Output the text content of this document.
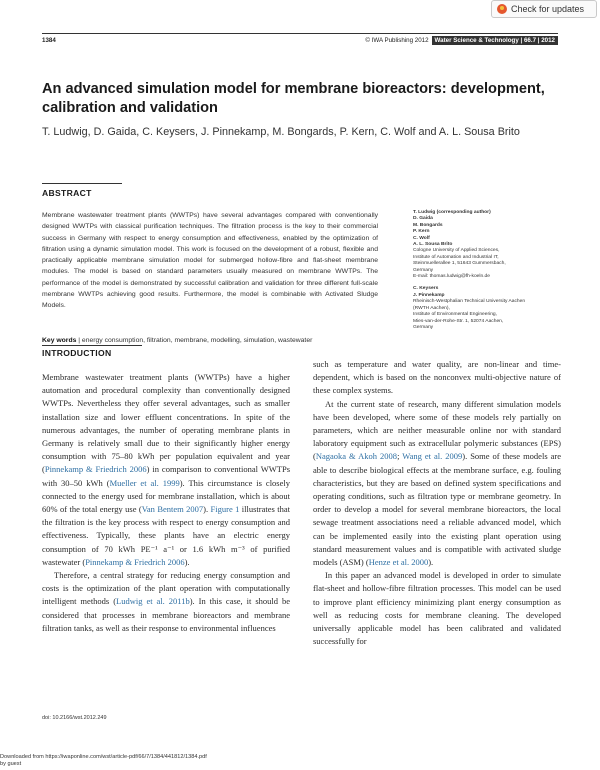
Check for updates
1384	© IWA Publishing 2012 Water Science & Technology | 66.7 | 2012
An advanced simulation model for membrane bioreactors: development, calibration and validation
T. Ludwig, D. Gaida, C. Keysers, J. Pinnekamp, M. Bongards, P. Kern, C. Wolf and A. L. Sousa Brito
ABSTRACT
Membrane wastewater treatment plants (WWTPs) have several advantages compared with conventionally designed WWTPs with classical purification techniques. The filtration process is the key to their commercial success in Germany with respect to energy consumption and effectiveness, enabled by the optimization of filtration using a dynamic simulation model. This work is focused on the development of a robust, flexible and practically applicable membrane simulation model for submerged hollow-fibre and flat-sheet membrane modules. The model is based on standard parameters usually measured on membrane WWTPs. The performance of the model is demonstrated by successful calibration and validation for three different full-scale membrane WWTPs achieving good results. Furthermore, the model is combinable with Activated Sludge Models.
Key words | energy consumption, filtration, membrane, modelling, simulation, wastewater
T. Ludwig (corresponding author)
D. Gaida
M. Bongards
P. Kern
C. Wolf
A. L. Sousa Brito
Cologne University of Applied Sciences,
Institute of Automation and Industrial IT,
Steinmuellerallee 1, 51643 Gummersbach,
Germany
E-mail: thomas.ludwig@fh-koeln.de
C. Keysers
J. Pinnekamp
Rheinisch-Westphalian Technical University Aachen
(RWTH Aachen),
Institute of Environmental Engineering,
Mies-van-der-Rohe-Str. 1, 52074 Aachen,
Germany
INTRODUCTION

Membrane wastewater treatment plants (WWTPs) have a higher automation and procedural complexity than conventionally designed WWTPs. Nevertheless they offer several advantages, such as smaller installation size and lower effluent concentrations. In spite of the numerous advantages, the number of operating membrane plants in Germany is relatively small due to their significantly higher energy consumption with 75–80 kWh per population equivalent and year (Pinnekamp & Friedrich 2006) in comparison to conventional WWTPs with 30–50 kWh (Mueller et al. 1999). This circumstance is closely connected to the energy used for membrane installation, which is about 60% of the total energy use (Van Bentem 2007). Figure 1 illustrates that the filtration is the key process with respect to energy consumption and effectiveness. Typically, these plants have an electric energy consumption of 70 kWh PE⁻¹ a⁻¹ or 1.6 kWh m⁻³ of purified wastewater (Pinnekamp & Friedrich 2006).

Therefore, a central strategy for reducing energy consumption and costs is the optimization of the plant operation with computationally intelligent methods (Ludwig et al. 2011b). In this case, it should be considered that processes in membrane bioreactors and membrane filtration tanks, as well as their response to environmental influences

such as temperature and water quality, are non-linear and time-dependent, which is based on the nonconvex multi-objective nature of these complex systems.

At the current state of research, many different simulation models have been developed, where some of these models rely partially on parameters, which are neither measurable online nor with standard laboratory equipment such as extracellular polymeric substances (EPS) (Nagaoka & Akoh 2008; Wang et al. 2009). Some of these models are able to describe biological effects at the membrane surface, e.g. fouling characteristics, but they are based on defined system specifications and operating conditions, such as filtration type or membrane geometry. In order to develop a model for several membrane bioreactors, the local sewage treatment associations need a reliable advanced model, which can be implemented easily into the existing plant operation using standard measurement values and is compatible with activated sludge models (ASM) (Henze et al. 2000).

In this paper an advanced model is developed in order to simulate flat-sheet and hollow-fibre filtration processes. This model can be used to improve plant efficiency minimizing plant energy consumption as well as reducing costs for membrane cleaning. The developed universally applicable model has been calibrated and validated successfully for

doi: 10.2166/wst.2012.249
Downloaded from https://iwaponline.com/wst/article-pdf/66/7/1384/441812/1384.pdf
by guest
